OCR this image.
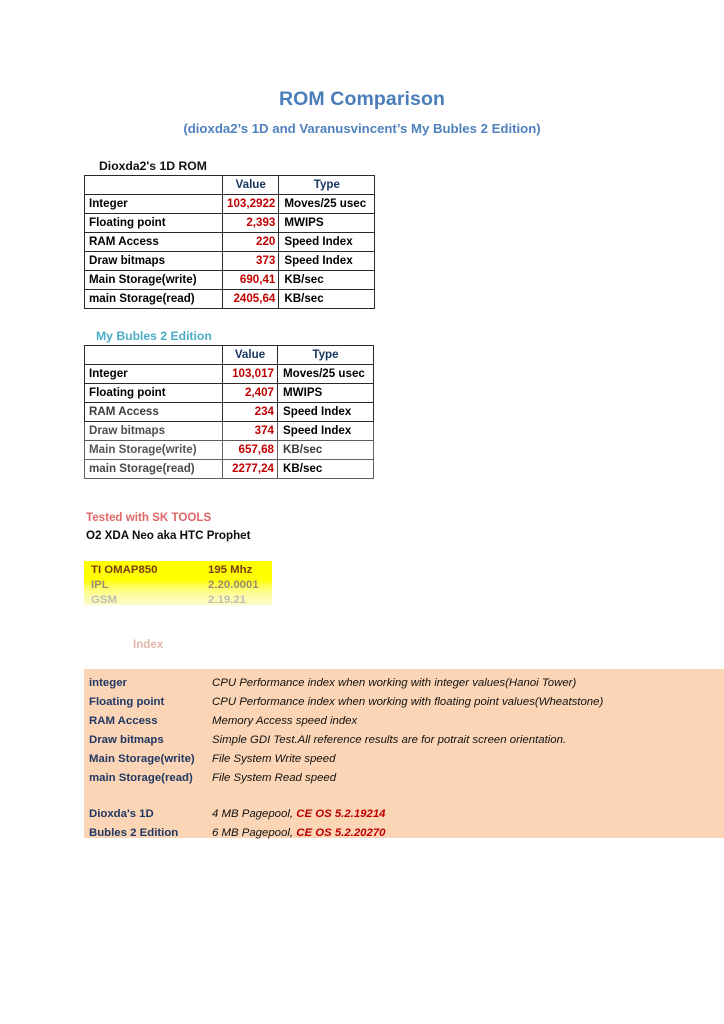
ROM Comparison
(dioxda2’s 1D and Varanusvincent’s My Bubles 2 Edition)
Dioxda2's 1D ROM
	Value	Type
Integer	103,2922	Moves/25 usec
Floating point	2,393	MWIPS
RAM Access	220	Speed Index
Draw bitmaps	373	Speed Index
Main Storage(write)	690,41	KB/sec
main Storage(read)	2405,64	KB/sec
My Bubles 2 Edition
	Value	Type
Integer	103,017	Moves/25 usec
Floating point	2,407	MWIPS
RAM Access	234	Speed Index
Draw bitmaps	374	Speed Index
Main Storage(write)	657,68	KB/sec
main Storage(read)	2277,24	KB/sec
Tested with SK TOOLS
O2 XDA Neo aka HTC Prophet
TI OMAP850	195 Mhz
IPL	2.20.0001
GSM	2.19.21
Index
integer	CPU Performance index when working with integer values(Hanoi Tower)
Floating point	CPU Performance index when working with floating point values(Wheatstone)
RAM Access	Memory Access speed index
Draw bitmaps	Simple GDI Test.All reference results are for potrait screen orientation.
Main Storage(write) File System Write speed
main Storage(read) File System Read speed
Dioxda's 1D	4 MB Pagepool, CE OS 5.2.19214
Bubles 2 Edition	6 MB Pagepool, CE OS 5.2.20270
